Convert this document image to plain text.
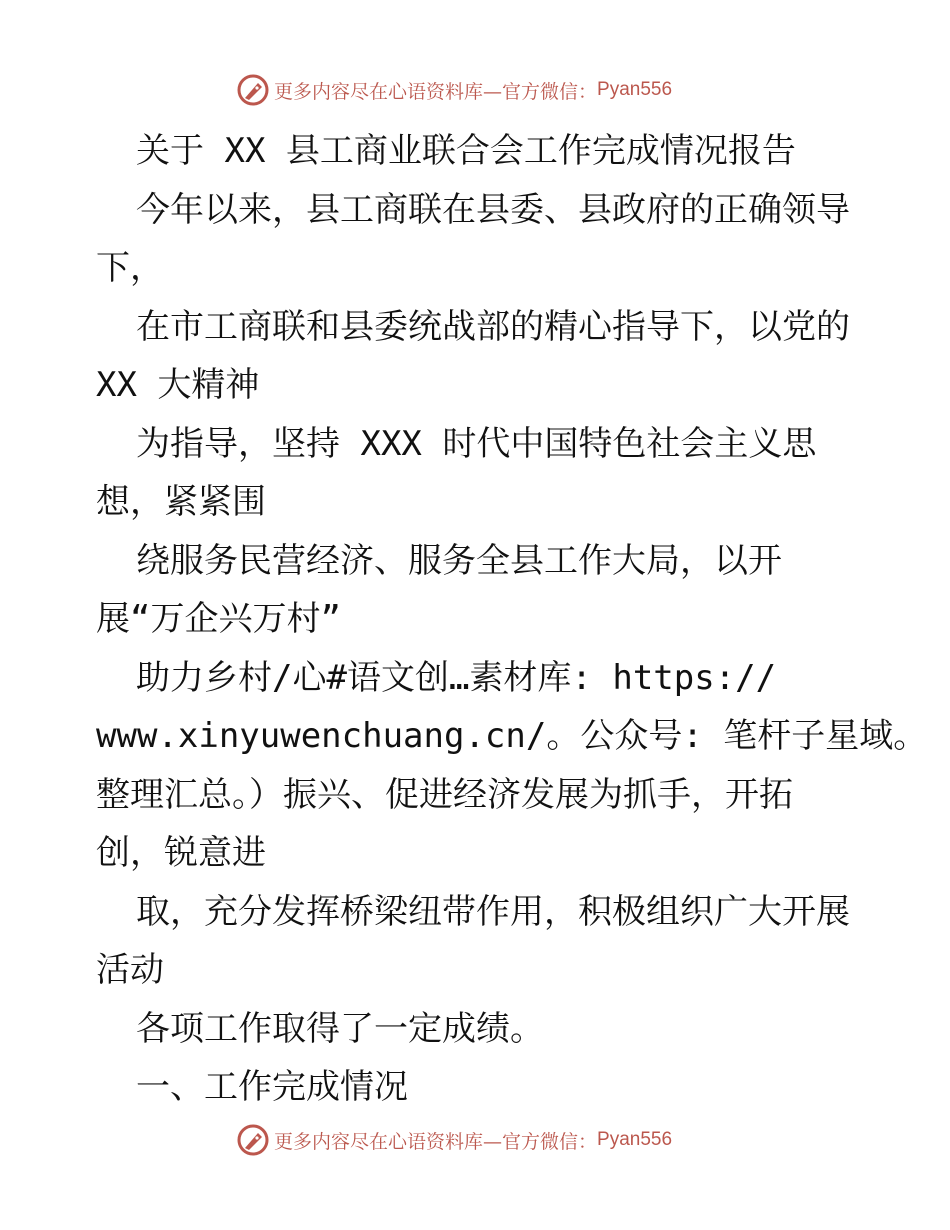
更多内容尽在心语资料库—官方微信： Pyan556
关于 XX 县工商业联合会工作完成情况报告
今年以来，县工商联在县委、县政府的正确领导
下，
在市工商联和县委统战部的精心指导下，以党的
XX 大精神
为指导，坚持 XXX 时代中国特色社会主义思
想，紧紧围
绕服务民营经济、服务全县工作大局，以开
展“万企兴万村”
助力乡村/心#语文创…素材库: https://
www.xinyuwenchuang.cn/。公众号: 笔杆子星域。
整理汇总。）振兴、促进经济发展为抓手，开拓
创，锐意进
取，充分发挥桥梁纽带作用，积极组织广大开展
活动
各项工作取得了一定成绩。
一、工作完成情况
更多内容尽在心语资料库—官方微信： Pyan556
